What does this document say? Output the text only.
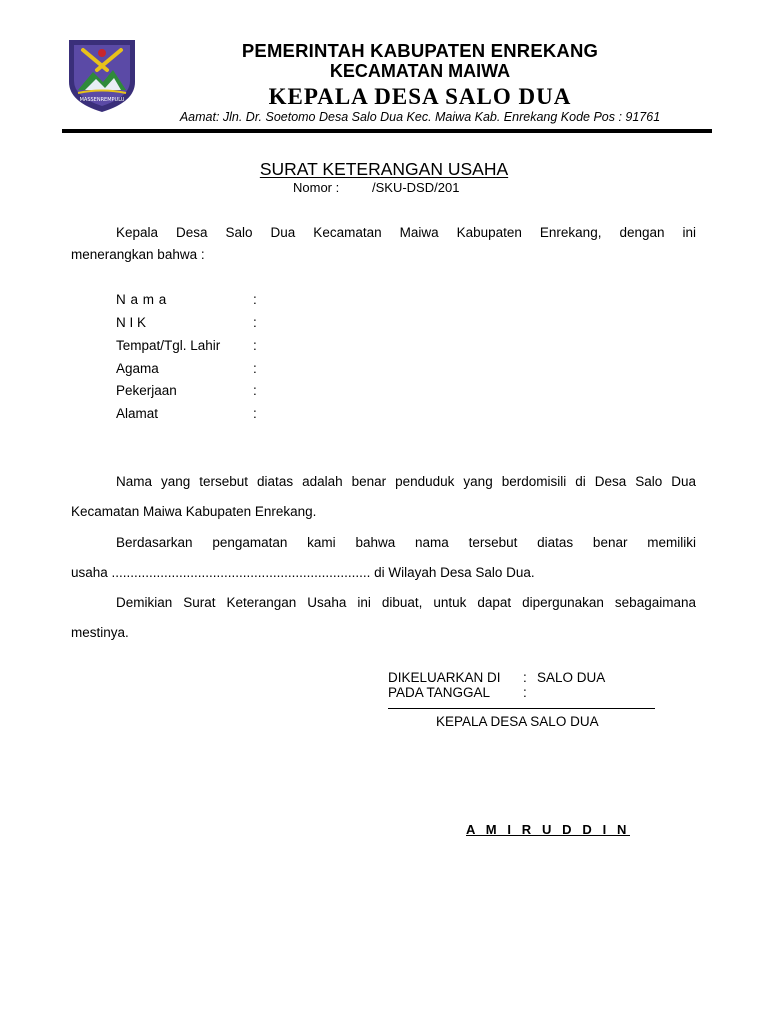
MASSENREMPULU
PEMERINTAH KABUPATEN ENREKANG
KECAMATAN MAIWA
KEPALA DESA SALO DUA
Aamat: Jln. Dr. Soetomo Desa Salo Dua Kec. Maiwa Kab. Enrekang Kode Pos : 91761
SURAT KETERANGAN USAHA
Nomor :	/SKU-DSD/201
Kepala Desa Salo Dua Kecamatan Maiwa Kabupaten Enrekang, dengan ini
menerangkan bahwa :
N a m a	:
N I K	:
Tempat/Tgl. Lahir :
Agama	:
Pekerjaan	:
Alamat	:
Nama yang tersebut diatas adalah benar penduduk yang berdomisili di Desa Salo Dua
Kecamatan Maiwa Kabupaten Enrekang.
Berdasarkan pengamatan kami bahwa nama tersebut diatas benar memiliki
usaha ..................................................................... di Wilayah Desa Salo Dua.
Demikian Surat Keterangan Usaha ini dibuat, untuk dapat dipergunakan sebagaimana
mestinya.
DIKELUARKAN DI : SALO DUA
PADA TANGGAL :
KEPALA DESA SALO DUA
A M I R U D D I N
